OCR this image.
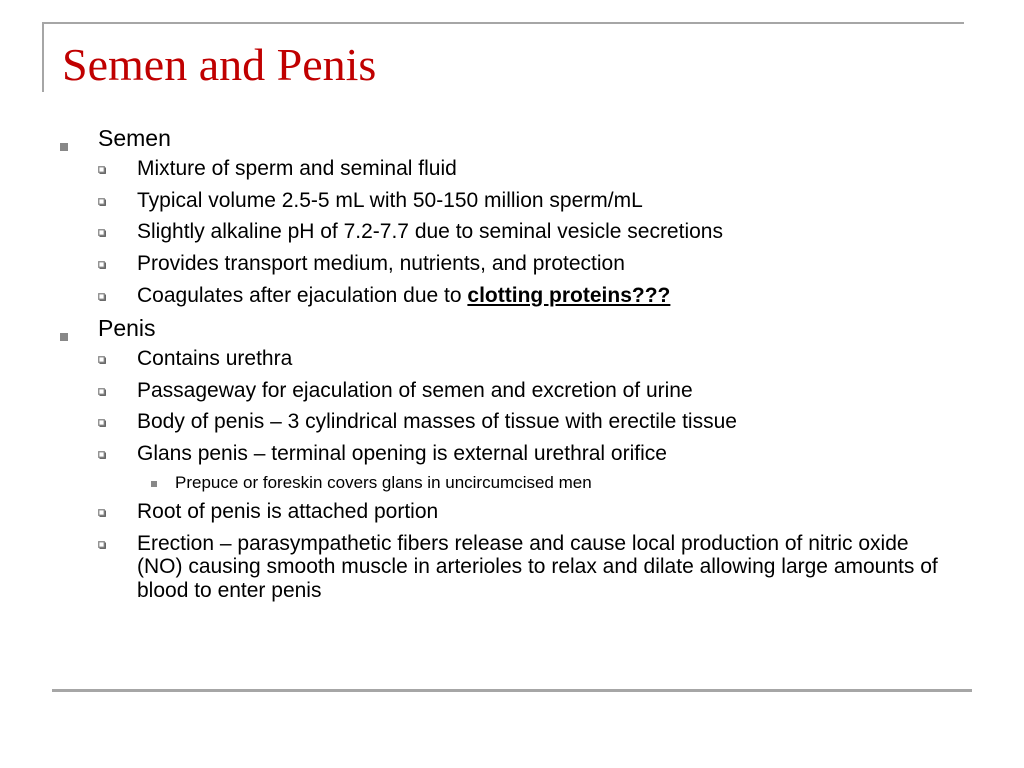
Semen and Penis
Semen
Mixture of sperm and seminal fluid
Typical volume 2.5-5 mL with 50-150 million sperm/mL
Slightly alkaline pH of 7.2-7.7 due to seminal vesicle secretions
Provides transport medium, nutrients, and protection
Coagulates after ejaculation due to clotting proteins???
Penis
Contains urethra
Passageway for ejaculation of semen and excretion of urine
Body of penis – 3 cylindrical masses of tissue with erectile tissue
Glans penis – terminal opening is external urethral orifice
Prepuce or foreskin covers glans in uncircumcised men
Root of penis is attached portion
Erection – parasympathetic fibers release and cause local production of nitric oxide (NO) causing smooth muscle in arterioles to relax and dilate allowing large amounts of blood to enter penis
